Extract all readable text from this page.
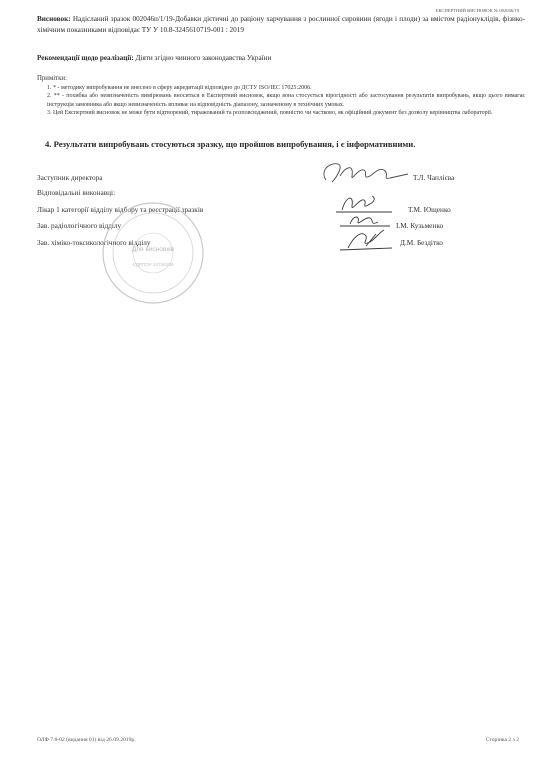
ЕКСПЕРТНИЙ ВИСНОВОК № 002046/19
Висновок: Надісланий зразок 002046п/1/19-Добавки дієтичні до раціону харчування з рослинної сировини (ягоди і плоди) за вмістом радіонуклідів, фізико-хімічним показниками відповідає ТУ У 10.8-3245610719-001 : 2019
Рекомендації щодо реалізації: Діяти згідно чинного законодавства України
Примітки:
1. * - методику випробування не внесено в сферу акредитації відповідно до ДСТУ ISO/IEC 17025:2006.
2. ** - похибка або невизначеність вимірювань вноситься в Експертний висновок, якщо вона стосується вірогідності або застосування результатів випробувань, якщо цього вимагає інструкція замовника або якщо невизначеність впливає на відповідність діапазону, зазначеному в технічних умовах.
3. Цей Експертний висновок не може бути відтворений, тиражований та розповсюджений, повністю чи частково, як офіційний документ без дозволу керівництва лабораторії.
4. Результати випробувань стосуються зразку, що пройшов випробування, і є інформативними.
Заступник директора	Т.Л. Чаплієва
Відповідальні виконавці:
Лікар 1 категорії відділу відбору та реєстрації зразків	Т.М. Ющенко
Зав. радіологічного відділу	І.М. Кузьменко
Зав. хіміко-токсикологічного відділу	Д.М. Бездітко
Для висновків
ЄДРПОУ 24748189
ОЛФ 7.8-02 (видання 01) від 26.09.2019р.	Сторінка 2 з 2
